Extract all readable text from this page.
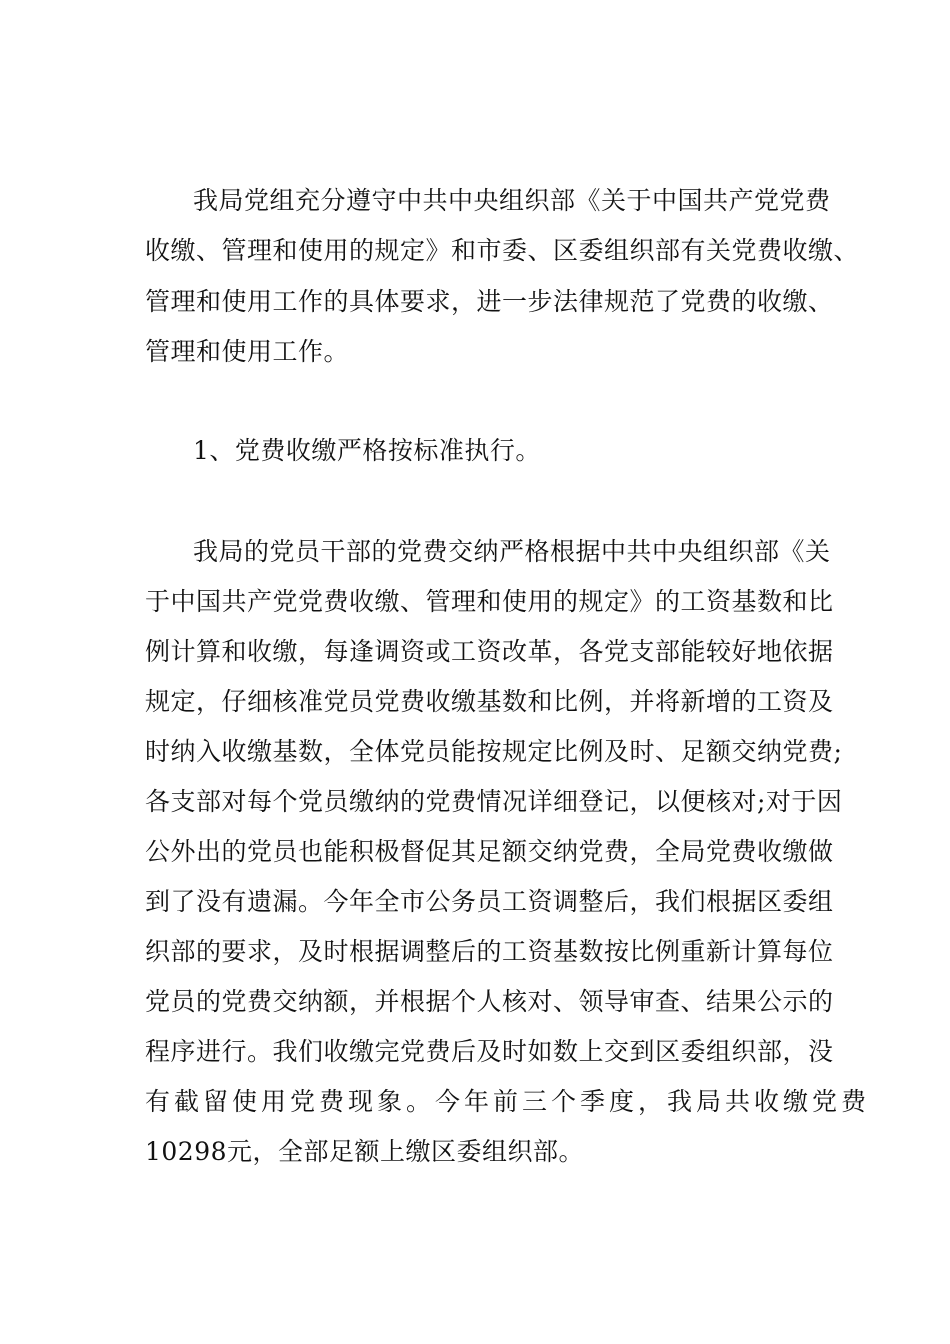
我局党组充分遵守中共中央组织部《关于中国共产党党费
收缴、管理和使用的规定》和市委、区委组织部有关党费收缴、
管理和使用工作的具体要求，进一步法律规范了党费的收缴、
管理和使用工作。
1、党费收缴严格按标准执行。
我局的党员干部的党费交纳严格根据中共中央组织部《关
于中国共产党党费收缴、管理和使用的规定》的工资基数和比
例计算和收缴，每逢调资或工资改革，各党支部能较好地依据
规定，仔细核准党员党费收缴基数和比例，并将新增的工资及
时纳入收缴基数，全体党员能按规定比例及时、足额交纳党费;
各支部对每个党员缴纳的党费情况详细登记，以便核对;对于因
公外出的党员也能积极督促其足额交纳党费，全局党费收缴做
到了没有遗漏。今年全市公务员工资调整后，我们根据区委组
织部的要求，及时根据调整后的工资基数按比例重新计算每位
党员的党费交纳额，并根据个人核对、领导审查、结果公示的
程序进行。我们收缴完党费后及时如数上交到区委组织部，没
有截留使用党费现象。今年前三个季度，我局共收缴党费
10298元，全部足额上缴区委组织部。
